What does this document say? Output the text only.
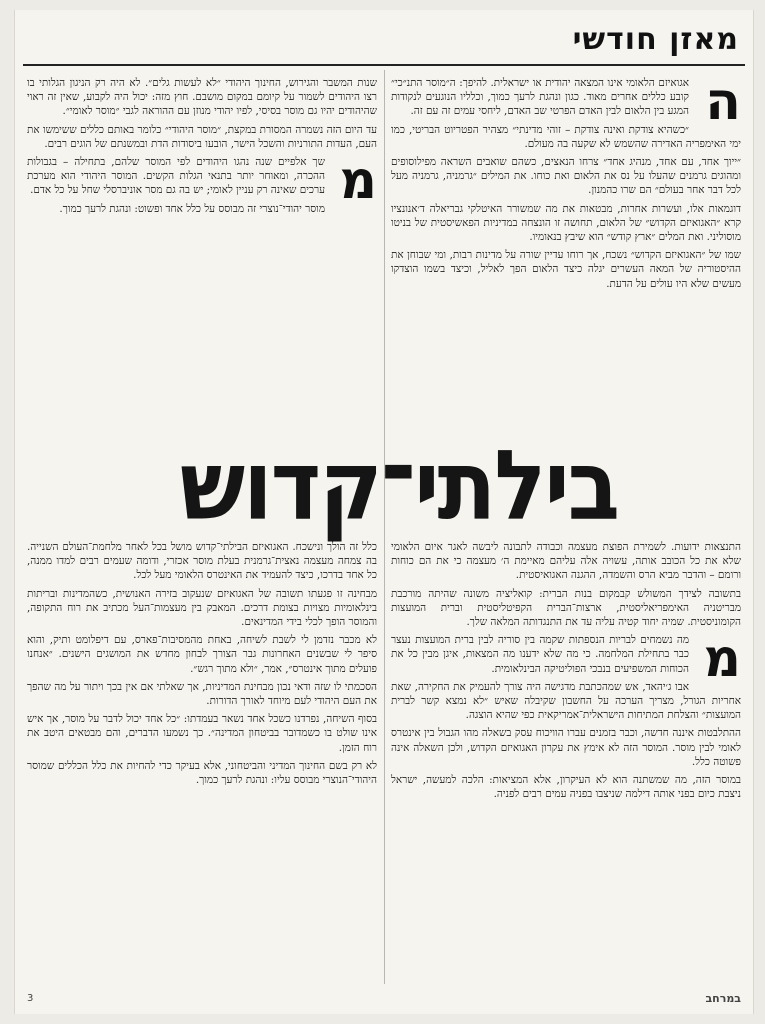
מאזן חודשי
ה

אגואיזם הלאומי אינו המצאה יהודית או ישראלית. להיפך: ה״מוסר התנ״כי״ קובע כללים אחרים מאוד. כגון ונהגת לרעך כמוך, וכלליו הנוגעים לנקודות המגע בין הלאום לבין האדם הפרטי שב האדם, ליחסי עמים זה עם זה.

״כשהיא צודקת ואינה צודקת – זוהי מדינתי״ מצהיר הפטריוט הבריטי, כמו ימי האימפריה האדירה שהשמש לא שקעה בה מעולם.

״ייוך אחד, עם אחד, מנהיג אחד״ צרחו הנאצים, כשהם שואבים השראה מפילוסופים ומהוגים גרמנים שהעלו על נס את הלאום ואת כוחו. את המילים ״גרמניה, גרמניה מעל לכל דבר אחר בעולם״ הם שרו כהמנון.

דוגמאות אלו, ועשרות אחרות, מבטאות את מה שמשורר האיטלקי גבריאלה ד׳אנונציו קרא ״האגואיזם הקדוש״ של הלאום, תחושה זו הונצחה במדיניות הפאשיסטית של בניטו מוסוליני. ואת המלים ״ארץ קודש״ הוא שיבץ בנאומיו.

שמו של ״האגואיזם הקדוש״ נשכח, אך רוחו עדיין שורה על מדינות רבות, ומי שבוחן את ההיסטוריה של המאה העשרים יגלה כיצד הלאום הפך לאליל, וכיצד בשמו הוצדקו מעשים שלא היו עולים על הדעת.

שנות המשבר והגירוש, החינוך היהודי ״לא לעשות גלים״. לא היה רק הניגון הגלותי בו רצו היהודים לשמור על קיומם במקום מושבם. חוץ מזה: יכול היה לקבוע, שאין זה ראוי שהיהודים יהיו גם מוסר בסיסי, לפיו יהודי מנוזן עם ההוראה לגבי ״מוסר לאומי״.

עד היום הזה נשמרה המסורת במקצת, ״מוסר היהודי״ כלומר באותם כללים ששימשו את העם, העדות התורניות והשכל הישר, הובעו ביסודות הדת ובמשנתם של הוגים רבים.

מ

שך אלפיים שנה נהגו היהודים לפי המוסר שלהם, בתחילה – בגבולות ההכרה, ומאוחר יותר בתנאי הגלות הקשים. המוסר היהודי הוא מערכת ערכים שאינה רק עניין לאומי; יש בה גם מסר אוניברסלי שחל על כל אדם.

מוסר יהודי־נוצרי זה מבוסס על כלל אחד ופשוט: ונהגת לרעך כמוך.

בילתי־קדוש

התנצאות ידועות. לשמירת הפוצת מעצמה וכבודה לתבונה ליבשה לאגר איום הלאומי שלא את כל הכובב אותה, עשויה אלה עליהם מאיימת ה׳ מעצמה כי את הם כוחות ורומם – והדבר מביא הרס והשמדה, ההגנה האגואיסטית.

בתשובה לצידך המשולש קבמקום בנות הברית: קואליציה משונה שהיתה מורכבת מבריטניה האימפריאליסטית, ארצות־הברית הקפיטליסטית וברית המועצות הקומוניסטית. שמיה יחוד קטיה עליה עד את התנגדותה המלאה שלך.

מ

מה נשמחים לבריות הנספתות שקמה בין סוריה לבין ברית המועצות נעצר כבר בתחילת המלחמה. כי מה שלא ידענו מה המצאות, איגן מבין כל את הכוחות המשפיעים בנבכי הפוליטיקה הבינלאומית.

אבו ג׳יהאד, אש שמהכתבת מדגישה היה צורך להעמיק את החקירה, שאת אחריות הגורל, מצריך הערכה על החשבון שקיבלה שאיש ״לא נמצא קשר לברית המועצות״ והצלחת המתיחות הישראלית־אמריקאית כפי שהיא הוצגה.

ההתלבטות איננה חדשה, וכבר בזמנים עברו הוויכוח עסק בשאלה מהו הגבול בין אינטרס לאומי לבין מוסר. המוסר הזה לא אימץ את עקרון האגואיזם הקדוש, ולכן השאלה אינה פשוטה כלל.

במוסר הזה, מה שמשתנה הוא לא העיקרון, אלא המציאות: הלכה למעשה, ישראל ניצבת כיום בפני אותה דילמה שניצבו בפניה עמים רבים לפניה.

כלל זה הולך ונישכח. האגואיזם הבילתי־קדוש מושל בכל לאחר מלחמת־העולם השנייה. בה צמחה מעצמה נאצית־גרמנית בעלת מוסר אכזרי, ודומה שעמים רבים למדו ממנה, כל אחד בדרכו, כיצד להעמיד את האינטרס הלאומי מעל לכל.

מבחינה זו פגעתו תשובה של האגואיזם שנעקוב בזירה האנושית, כשהמדינות ובריתות בינלאומיות מצויות בצומת דרכים. המאבק בין מעצמות־העל מכתיב את רוח התקופה, והמוסר הופך לכלי בידי המדינאים.

לא מכבר נזדמן לי לשבת לשיחה, באחת מהמסיבות־פארס, עם דיפלומט ותיק, והוא סיפר לי שבשנים האחרונות גבר הצורך לבחון מחדש את המושגים הישנים. ״אנחנו פועלים מתוך אינטרס״, אמר, ״ולא מתוך רגש״.

הסכמתי לו שזה ודאי נכון מבחינת המדיניות, אך שאלתי אם אין בכך ויתור על מה שהפך את העם היהודי לעם מיוחד לאורך הדורות.

בסוף השיחה, נפרדנו כשכל אחד נשאר בעמדתו: ״כל אחד יכול לדבר על מוסר, אך איש אינו שולט בו כשמדובר בביטחון המדינה״. כך נשמעו הדברים, והם מבטאים היטב את רוח הזמן.

לא רק בשם החינוך המדיני והביטחוני, אלא בעיקר כדי להחיות את כלל הכללים שמוסר היהודי־הנוצרי מבוסס עליו: ונהגת לרעך כמוך.

במרחב
3
